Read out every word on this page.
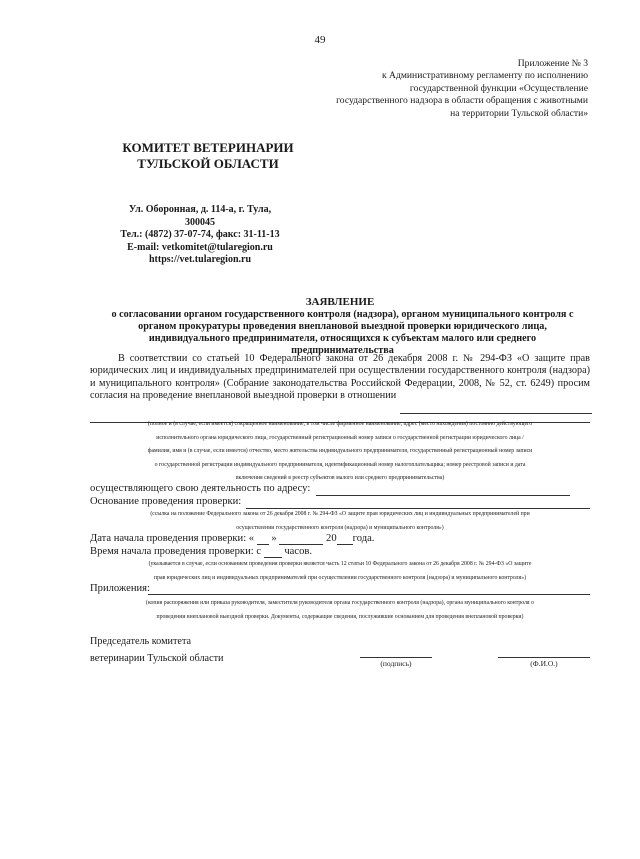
49
Приложение № 3
к Административному регламенту по исполнению
государственной функции «Осуществление
государственного надзора в области обращения с животными
на территории Тульской области»
КОМИТЕТ ВЕТЕРИНАРИИ
ТУЛЬСКОЙ ОБЛАСТИ
Ул. Оборонная, д. 114-а, г. Тула,
300045
Тел.: (4872) 37-07-74, факс: 31-11-13
E-mail: vetkomitet@tularegion.ru
https://vet.tularegion.ru
ЗАЯВЛЕНИЕ
о согласовании органом государственного контроля (надзора), органом муниципального контроля с
органом прокуратуры проведения внеплановой выездной проверки юридического лица,
индивидуального предпринимателя, относящихся к субъектам малого или среднего
предпринимательства
В соответствии со статьей 10 Федерального закона от 26 декабря 2008 г. № 294-ФЗ «О защите прав юридических лиц и индивидуальных предпринимателей при осуществлении государственного контроля (надзора) и муниципального контроля» (Собрание законодательства Российской Федерации, 2008, № 52, ст. 6249) просим согласия на проведение внеплановой выездной проверки в отношении
(полное и (в случае, если имеется) сокращенное наименование, в том числе фирменное наименование, адрес (место нахождения) постоянно действующего
исполнительного органа юридического лица, государственный регистрационный номер записи о государственной регистрации юридического лица /
фамилия, имя и (в случае, если имеется) отчество, место жительства индивидуального предпринимателя, государственный регистрационный номер записи
о государственной регистрации индивидуального предпринимателя, идентификационный номер налогоплательщика; номер реестровой записи и дата
включения сведений в реестр субъектов малого или среднего предпринимательства)
осуществляющего свою деятельность по адресу:
Основание проведения проверки:
(ссылка на положение Федерального закона от 26 декабря 2008 г. № 294-ФЗ «О защите прав юридических лиц и индивидуальных предпринимателей при
осуществлении государственного контроля (надзора) и муниципального контроля»)
Дата начала проведения проверки: « »	20 года.
Время начала проведения проверки: с часов.
(указывается в случае, если основанием проведения проверки является часть 12 статьи 10 Федерального закона от 26 декабря 2008 г. № 294-ФЗ «О защите
прав юридических лиц и индивидуальных предпринимателей при осуществлении государственного контроля (надзора) и муниципального контроля»)
Приложения:
(копия распоряжения или приказа руководителя, заместителя руководителя органа государственного контроля (надзора), органа муниципального контроля о
проведении внеплановой выездной проверки. Документы, содержащие сведения, послужившие основанием для проведения внеплановой проверки)
Председатель комитета
ветеринарии Тульской области	(подпись)	(Ф.И.О.)
